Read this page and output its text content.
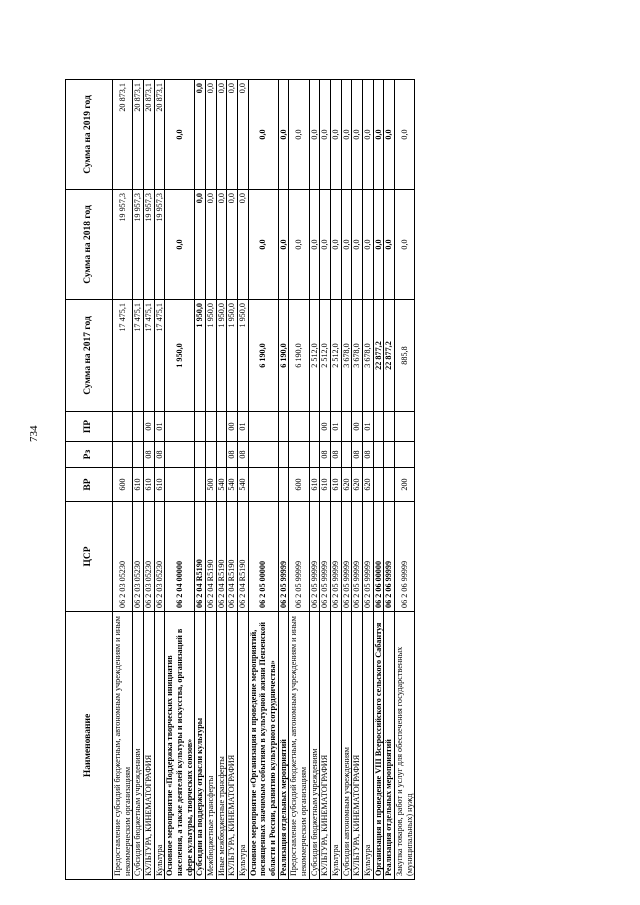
734
Наименование	ЦСР	ВР	Рз	ПР	Сумма на 2017 год	Сумма на 2018 год	Сумма на 2019 год
Предоставление субсидий бюджетным, автономным учреждениям и иным некоммерческим организациям	06 2 03 05230	600			17 475,1	19 957,3	20 873,1
Субсидии бюджетным учреждениям	06 2 03 05230	610			17 475,1	19 957,3	20 873,1
КУЛЬТУРА, КИНЕМАТОГРАФИЯ	06 2 03 05230	610	08	00	17 475,1	19 957,3	20 873,1
Культура	06 2 03 05230	610	08	01	17 475,1	19 957,3	20 873,1
Основное мероприятие «Поддержка творческих инициатив населения, а также деятелей культуры и искусства, организаций в сфере культуры, творческих союзов»	06 2 04 00000				1 950,0	0,0	0,0
Субсидии на поддержку отрасли культуры	06 2 04 R5190				1 950,0	0,0	0,0
Межбюджетные трансферты	06 2 04 R5190	500			1 950,0	0,0	0,0
Иные межбюджетные трансферты	06 2 04 R5190	540			1 950,0	0,0	0,0
КУЛЬТУРА, КИНЕМАТОГРАФИЯ	06 2 04 R5190	540	08	00	1 950,0	0,0	0,0
Культура	06 2 04 R5190	540	08	01	1 950,0	0,0	0,0
Основное мероприятие «Организация и проведение мероприятий, посвященных значимым событиям в культурной жизни Пензенской области и России, развитию культурного сотрудничества»	06 2 05 00000				6 190,0	0,0	0,0
Реализация отдельных мероприятий	06 2 05 99999				6 190,0	0,0	0,0
Предоставление субсидий бюджетным, автономным учреждениям и иным некоммерческим организациям	06 2 05 99999	600			6 190,0	0,0	0,0
Субсидии бюджетным учреждениям	06 2 05 99999	610			2 512,0	0,0	0,0
КУЛЬТУРА, КИНЕМАТОГРАФИЯ	06 2 05 99999	610	08	00	2 512,0	0,0	0,0
Культура	06 2 05 99999	610	08	01	2 512,0	0,0	0,0
Субсидии автономным учреждениям	06 2 05 99999	620			3 678,0	0,0	0,0
КУЛЬТУРА, КИНЕМАТОГРАФИЯ	06 2 05 99999	620	08	00	3 678,0	0,0	0,0
Культура	06 2 05 99999	620	08	01	3 678,0	0,0	0,0
Организация и проведение VIII Всероссийского сельского Сабантуя	06 2 06 00000				22 877,2	0,0	0,0
Реализация отдельных мероприятий	06 2 06 99999				22 877,2	0,0	0,0
Закупка товаров, работ и услуг для обеспечения государственных (муниципальных) нужд	06 2 06 99999	200			885,8	0,0	0,0
